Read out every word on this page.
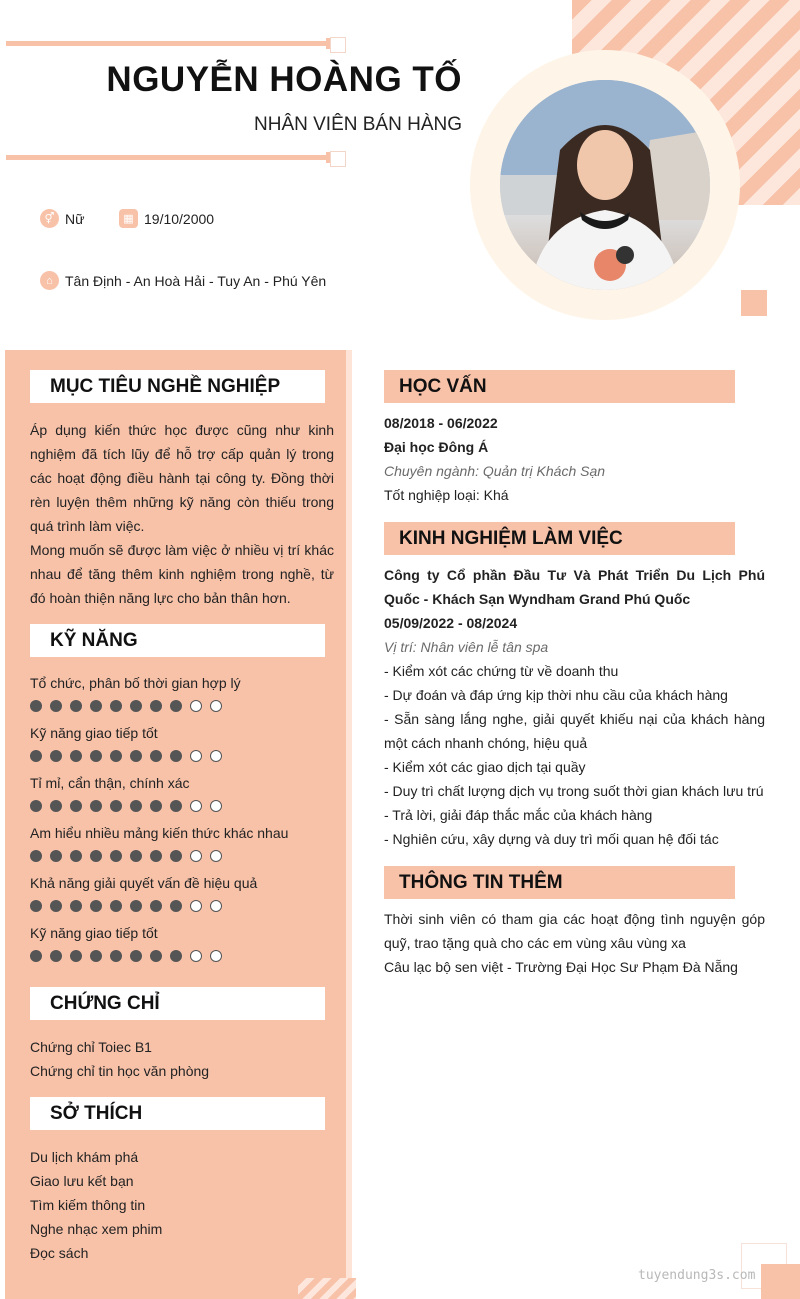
NGUYỄN HOÀNG TỐ
NHÂN VIÊN BÁN HÀNG
⚥ Nữ	▦ 19/10/2000
⌂ Tân Định - An Hoà Hải - Tuy An - Phú Yên
MỤC TIÊU NGHỀ NGHIỆP

Áp dụng kiến thức học được cũng như kinh nghiệm đã tích lũy để hỗ trợ cấp quản lý trong các hoạt động điều hành tại công ty. Đồng thời rèn luyện thêm những kỹ năng còn thiếu trong quá trình làm việc.

Mong muốn sẽ được làm việc ở nhiều vị trí khác nhau để tăng thêm kinh nghiệm trong nghề, từ đó hoàn thiện năng lực cho bản thân hơn.

KỸ NĂNG
Tổ chức, phân bố thời gian hợp lý
Kỹ năng giao tiếp tốt
Tỉ mỉ, cẩn thận, chính xác
Am hiểu nhiều mảng kiến thức khác nhau
Khả năng giải quyết vấn đề hiệu quả
Kỹ năng giao tiếp tốt
CHỨNG CHỈ
Chứng chỉ Toiec B1
Chứng chỉ tin học văn phòng
SỞ THÍCH
Du lịch khám phá
Giao lưu kết bạn
Tìm kiếm thông tin
Nghe nhạc xem phim
Đọc sách
HỌC VẤN
08/2018 - 06/2022
Đại học Đông Á
Chuyên ngành: Quản trị Khách Sạn
Tốt nghiệp loại: Khá
KINH NGHIỆM LÀM VIỆC
Công ty Cổ phần Đầu Tư Và Phát Triển Du Lịch Phú Quốc - Khách Sạn Wyndham Grand Phú Quốc
05/09/2022 - 08/2024
Vị trí: Nhân viên lễ tân spa
- Kiểm xót các chứng từ về doanh thu
- Dự đoán và đáp ứng kịp thời nhu cầu của khách hàng
- Sẵn sàng lắng nghe, giải quyết khiếu nại của khách hàng một cách nhanh chóng, hiệu quả
- Kiểm xót các giao dịch tại quầy
- Duy trì chất lượng dịch vụ trong suốt thời gian khách lưu trú
- Trả lời, giải đáp thắc mắc của khách hàng
- Nghiên cứu, xây dựng và duy trì mối quan hệ đối tác
THÔNG TIN THÊM
Thời sinh viên có tham gia các hoạt động tình nguyện góp quỹ, trao tặng quà cho các em vùng xâu vùng xa
Câu lạc bộ sen việt - Trường Đại Học Sư Phạm Đà Nẵng
tuyendung3s.com
